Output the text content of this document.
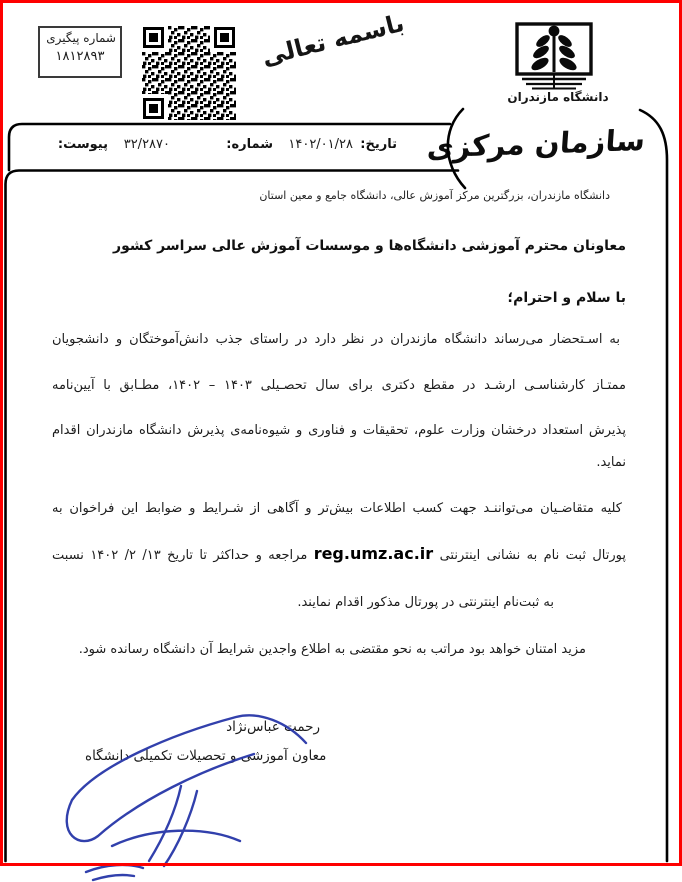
شماره پیگیری
۱۸۱۲۸۹۳	باسمه تعالی
دانشگاه مازندران
سازمان مرکزی
تاریخ:
۱۴۰۲/۰۱/۲۸
شماره:
۳۲/۲۸۷۰
پیوست:
دانشگاه مازندران، بزرگترین مرکز آموزش عالی، دانشگاه جامع و معین استان
معاونان محترم آموزشی دانشگاه‌ها و موسسات آموزش عالی سراسر کشور
با سلام و احترام؛
به اسـتحضار می‌رساند دانشگاه مازندران در نظر دارد در راستای جذب دانش‌آموختگان و دانشجویان
ممتـاز کارشناسـی ارشـد در مقطع دکتری برای سال تحصـیلی ۱۴۰۳ – ۱۴۰۲، مطـابق با آیین‌نامه
پذیرش استعداد درخشان وزارت علوم، تحقیقات و فناوری و شیوه‌نامه‌ی پذیرش دانشگاه مازندران اقدام
نماید.
کلیه متقاضـیان می‌تواننـد جهت کسب اطلاعات بیش‌تر و آگاهی از شـرایط و ضوابط این فراخوان به
پورتال ثبت نام به نشانی اینترنتی reg.umz.ac.ir مراجعه و حداکثر تا تاریخ ۱۳/ ۲/ ۱۴۰۲ نسبت
به ثبت‌نام اینترنتی در پورتال مذکور اقدام نمایند.
مزید امتنان خواهد بود مراتب به نحو مقتضی به اطلاع واجدین شرایط آن دانشگاه رسانده شود.
رحمت عباس‌نژاد
معاون آموزشی و تحصیلات تکمیلی دانشگاه
